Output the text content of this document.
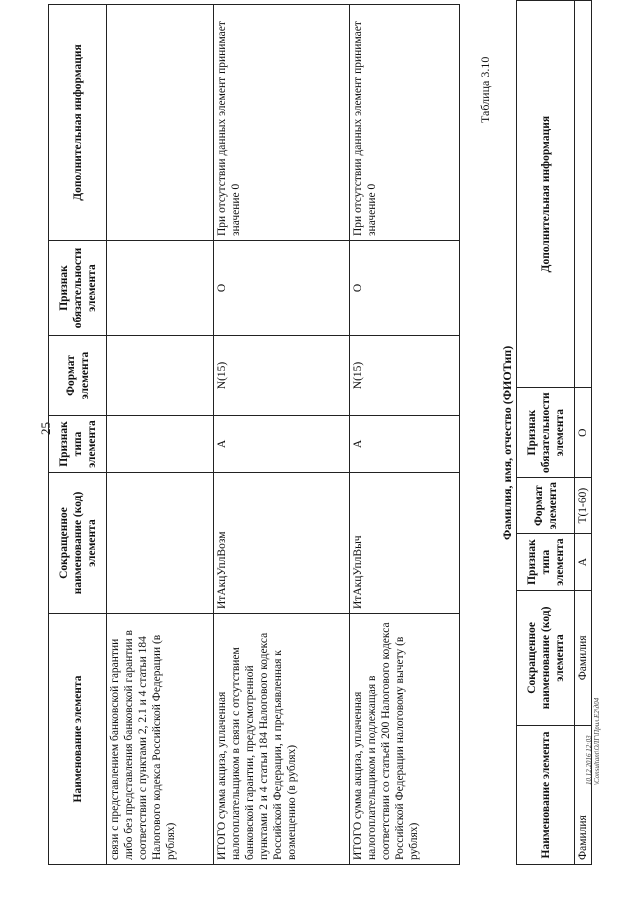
25
Наименование элемента	Сокращенное наименование (код) элемента	Признак типа элемента	Формат элемента	Признак обязательности элемента	Дополнительная информация
связи с представлением банковской гарантии либо без представления банковской гарантии в соответствии с пунктами 2, 2.1 и 4 статьи 184 Налогового кодекса Российской Федерации (в рублях)					
ИТОГО сумма акциза, уплаченная налогоплательщиком в связи с отсутствием банковской гарантии, предусмотренной пунктами 2 и 4 статьи 184 Налогового кодекса Российской Федерации, и предъявленная к возмещению (в рублях)	ИтАкцУплВозм	А	N(15)	О	При отсутствии данных элемент принимает значение 0
ИТОГО сумма акциза, уплаченная налогоплательщиком и подлежащая в соответствии со статьей 200 Налогового кодекса Российской Федерации налоговому вычету (в рублях)	ИтАкцУплВыч	А	N(15)	О	При отсутствии данных элемент принимает значение 0
Таблица 3.10
Фамилия, имя, отчество (ФИОТип)
Наименование элемента	Сокращенное наименование (код) элемента	Признак типа элемента	Формат элемента	Признак обязательности элемента	Дополнительная информация
Фамилия	Фамилия	А	T(1-60)	О	
10.12.2016 12:03 \Consultant\ОЛГ\Прил.Е2\д04
